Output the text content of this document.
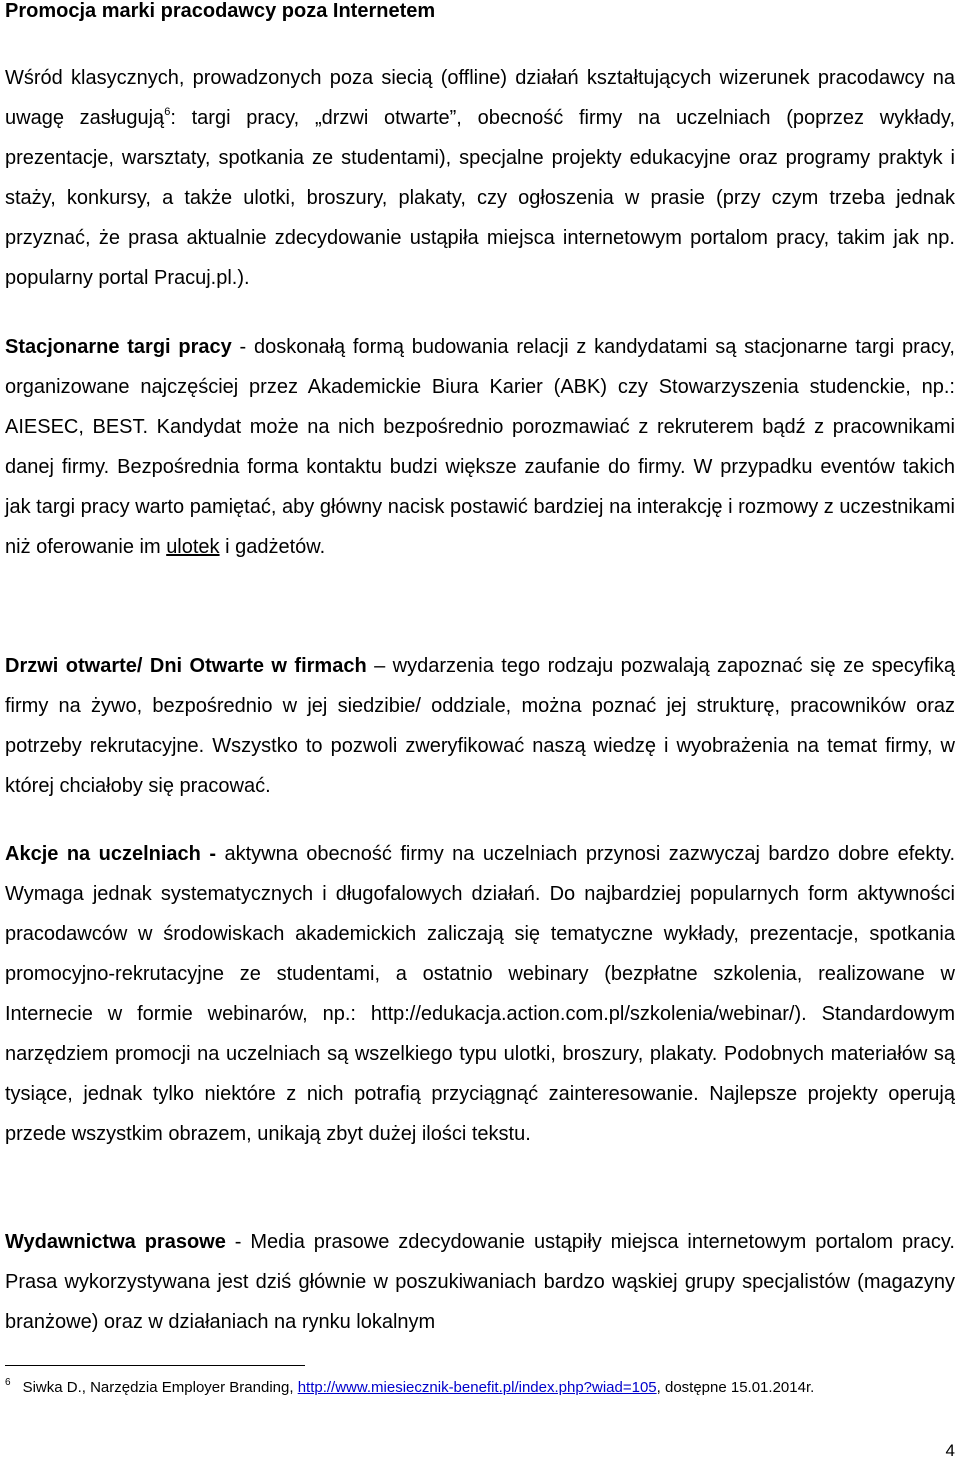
Promocja marki pracodawcy poza Internetem

Wśród klasycznych, prowadzonych poza siecią (offline) działań kształtujących wizerunek pracodawcy na uwagę zasługują$^6$: targi pracy, „drzwi otwarte”, obecność firmy na uczelniach (poprzez wykłady, prezentacje, warsztaty, spotkania ze studentami), specjalne projekty edukacyjne oraz programy praktyk i staży, konkursy, a także ulotki, broszury, plakaty, czy ogłoszenia w prasie (przy czym trzeba jednak przyznać, że prasa aktualnie zdecydowanie ustąpiła miejsca internetowym portalom pracy, takim jak np. popularny portal Pracuj.pl.).

Stacjonarne targi pracy - doskonałą formą budowania relacji z kandydatami są stacjonarne targi pracy, organizowane najczęściej przez Akademickie Biura Karier (ABK) czy Stowarzyszenia studenckie, np.: AIESEC, BEST. Kandydat może na nich bezpośrednio porozmawiać z rekruterem bądź z pracownikami danej firmy. Bezpośrednia forma kontaktu budzi większe zaufanie do firmy. W przypadku eventów takich jak targi pracy warto pamiętać, aby główny nacisk postawić bardziej na interakcję i rozmowy z uczestnikami niż oferowanie im ulotek i gadżetów.

Drzwi otwarte/ Dni Otwarte w firmach – wydarzenia tego rodzaju pozwalają zapoznać się ze specyfiką firmy na żywo, bezpośrednio w jej siedzibie/ oddziale, można poznać jej strukturę, pracowników oraz potrzeby rekrutacyjne. Wszystko to pozwoli zweryfikować naszą wiedzę i wyobrażenia na temat firmy, w której chciałoby się pracować.

Akcje na uczelniach - aktywna obecność firmy na uczelniach przynosi zazwyczaj bardzo dobre efekty. Wymaga jednak systematycznych i długofalowych działań. Do najbardziej popularnych form aktywności pracodawców w środowiskach akademickich zaliczają się tematyczne wykłady, prezentacje, spotkania promocyjno-rekrutacyjne ze studentami, a ostatnio webinary (bezpłatne szkolenia, realizowane w Internecie w formie webinarów, np.: http://edukacja.action.com.pl/szkolenia/webinar/). Standardowym narzędziem promocji na uczelniach są wszelkiego typu ulotki, broszury, plakaty. Podobnych materiałów są tysiące, jednak tylko niektóre z nich potrafią przyciągnąć zainteresowanie. Najlepsze projekty operują przede wszystkim obrazem, unikają zbyt dużej ilości tekstu.

Wydawnictwa prasowe - Media prasowe zdecydowanie ustąpiły miejsca internetowym portalom pracy. Prasa wykorzystywana jest dziś głównie w poszukiwaniach bardzo wąskiej grupy specjalistów (magazyny branżowe) oraz w działaniach na rynku lokalnym

$^6$ Siwka D., Narzędzia Employer Branding, http://www.miesiecznik-benefit.pl/index.php?wiad=105, dostępne 15.01.2014r.
4
